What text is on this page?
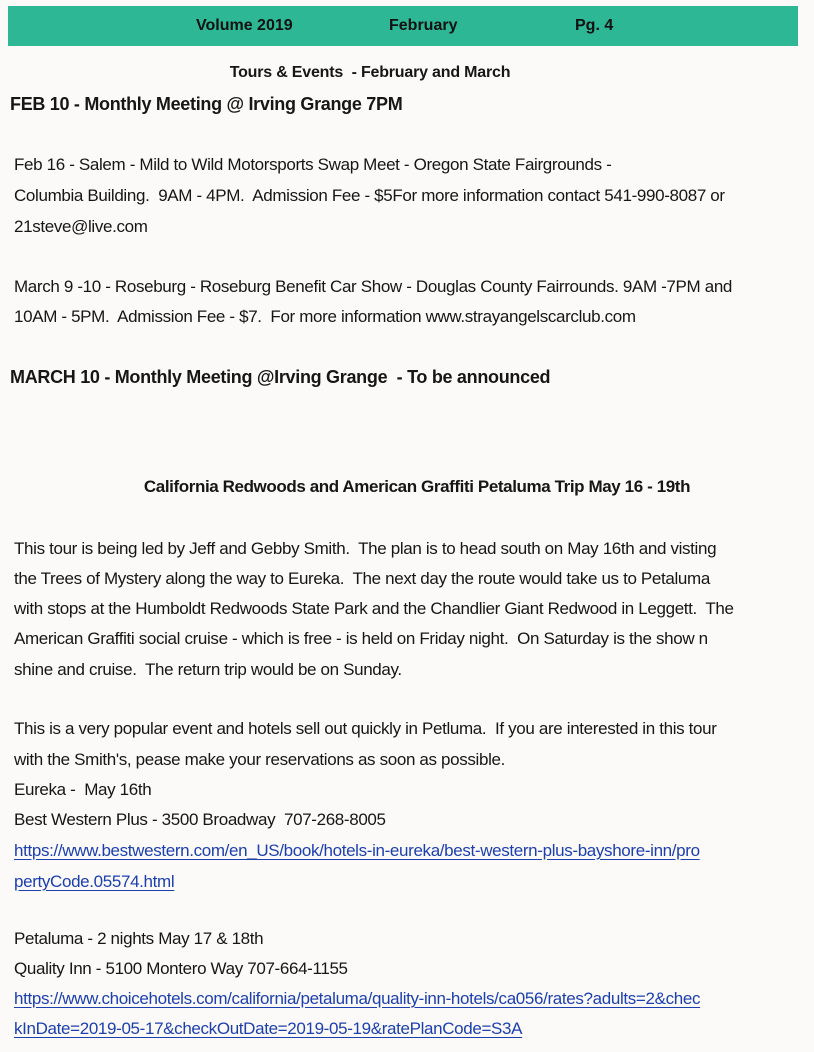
Volume 2019	February	Pg. 4
Tours & Events  - February and March
FEB 10 - Monthly Meeting @ Irving Grange 7PM
Feb 16 - Salem - Mild to Wild Motorsports Swap Meet - Oregon State Fairgrounds -
Columbia Building.  9AM - 4PM.  Admission Fee - $5For more information contact 541-990-8087 or
21steve@live.com
March 9 -10 - Roseburg - Roseburg Benefit Car Show - Douglas County Fairrounds. 9AM -7PM and
10AM - 5PM.  Admission Fee - $7.  For more information www.strayangelscarclub.com
MARCH 10 - Monthly Meeting @Irving Grange  - To be announced
California Redwoods and American Graffiti Petaluma Trip May 16 - 19th
This tour is being led by Jeff and Gebby Smith.  The plan is to head south on May 16th and visting
the Trees of Mystery along the way to Eureka.  The next day the route would take us to Petaluma
with stops at the Humboldt Redwoods State Park and the Chandlier Giant Redwood in Leggett.  The
American Graffiti social cruise - which is free - is held on Friday night.  On Saturday is the show n
shine and cruise.  The return trip would be on Sunday.
This is a very popular event and hotels sell out quickly in Petluma.  If you are interested in this tour
with the Smith's, pease make your reservations as soon as possible.
Eureka -  May 16th
Best Western Plus - 3500 Broadway  707-268-8005
https://www.bestwestern.com/en_US/book/hotels-in-eureka/best-western-plus-bayshore-inn/pro
pertyCode.05574.html
Petaluma - 2 nights May 17 & 18th
Quality Inn - 5100 Montero Way 707-664-1155
https://www.choicehotels.com/california/petaluma/quality-inn-hotels/ca056/rates?adults=2&chec
kInDate=2019-05-17&checkOutDate=2019-05-19&ratePlanCode=S3A
